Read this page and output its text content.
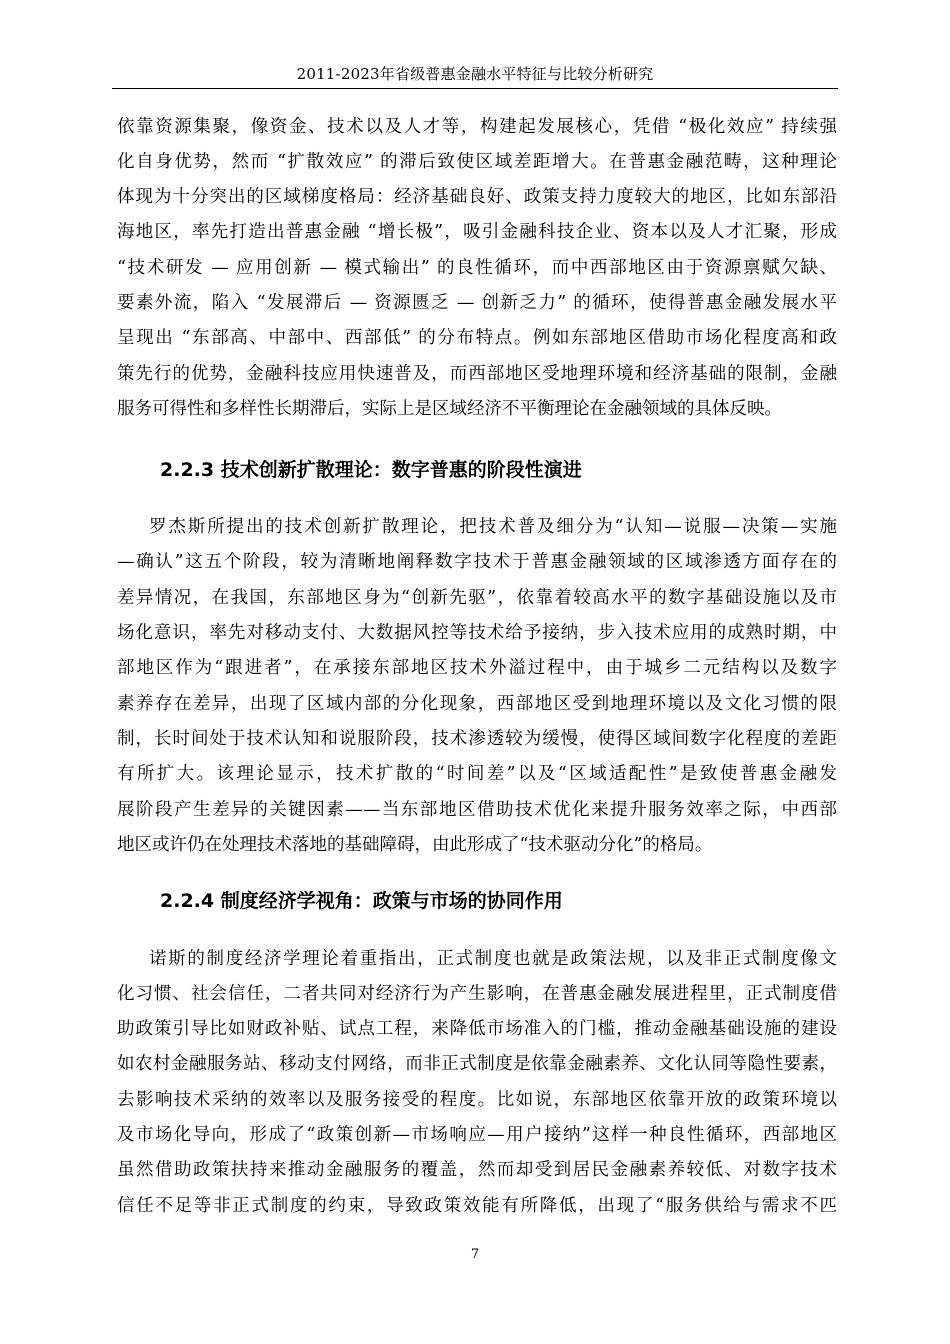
2011-2023年省级普惠金融水平特征与比较分析研究
依靠资源集聚，像资金、技术以及人才等，构建起发展核心，凭借 “极化效应” 持续强
化自身优势，然而 “扩散效应” 的滞后致使区域差距增大。在普惠金融范畴，这种理论
体现为十分突出的区域梯度格局：经济基础良好、政策支持力度较大的地区，比如东部沿
海地区，率先打造出普惠金融 “增长极”，吸引金融科技企业、资本以及人才汇聚，形成
“技术研发 — 应用创新 — 模式输出” 的良性循环，而中西部地区由于资源禀赋欠缺、
要素外流，陷入 “发展滞后 — 资源匮乏 — 创新乏力” 的循环，使得普惠金融发展水平
呈现出 “东部高、中部中、西部低” 的分布特点。例如东部地区借助市场化程度高和政
策先行的优势，金融科技应用快速普及，而西部地区受地理环境和经济基础的限制，金融
服务可得性和多样性长期滞后，实际上是区域经济不平衡理论在金融领域的具体反映。
2.2.3 技术创新扩散理论：数字普惠的阶段性演进
罗杰斯所提出的技术创新扩散理论，把技术普及细分为“认知—说服—决策—实施
—确认”这五个阶段，较为清晰地阐释数字技术于普惠金融领域的区域渗透方面存在的
差异情况，在我国，东部地区身为“创新先驱”，依靠着较高水平的数字基础设施以及市
场化意识，率先对移动支付、大数据风控等技术给予接纳，步入技术应用的成熟时期，中
部地区作为“跟进者”，在承接东部地区技术外溢过程中，由于城乡二元结构以及数字
素养存在差异，出现了区域内部的分化现象，西部地区受到地理环境以及文化习惯的限
制，长时间处于技术认知和说服阶段，技术渗透较为缓慢，使得区域间数字化程度的差距
有所扩大。该理论显示，技术扩散的“时间差”以及“区域适配性”是致使普惠金融发
展阶段产生差异的关键因素——当东部地区借助技术优化来提升服务效率之际，中西部
地区或许仍在处理技术落地的基础障碍，由此形成了“技术驱动分化”的格局。
2.2.4 制度经济学视角：政策与市场的协同作用
诺斯的制度经济学理论着重指出，正式制度也就是政策法规，以及非正式制度像文
化习惯、社会信任，二者共同对经济行为产生影响，在普惠金融发展进程里，正式制度借
助政策引导比如财政补贴、试点工程，来降低市场准入的门槛，推动金融基础设施的建设
如农村金融服务站、移动支付网络，而非正式制度是依靠金融素养、文化认同等隐性要素，
去影响技术采纳的效率以及服务接受的程度。比如说，东部地区依靠开放的政策环境以
及市场化导向，形成了“政策创新—市场响应—用户接纳”这样一种良性循环，西部地区
虽然借助政策扶持来推动金融服务的覆盖，然而却受到居民金融素养较低、对数字技术
信任不足等非正式制度的约束，导致政策效能有所降低，出现了“服务供给与需求不匹
7
